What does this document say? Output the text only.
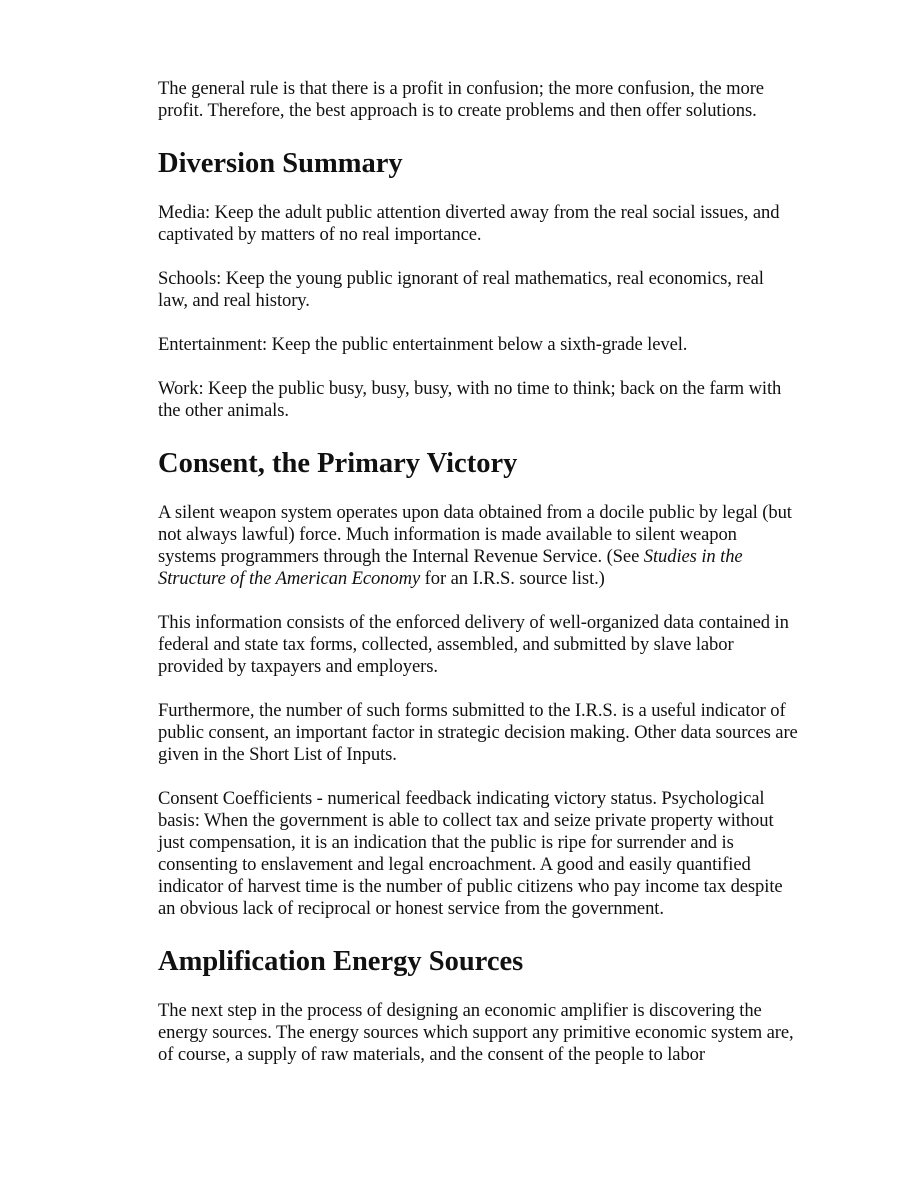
The general rule is that there is a profit in confusion; the more confusion, the more profit. Therefore, the best approach is to create problems and then offer solutions.

Diversion Summary

Media: Keep the adult public attention diverted away from the real social issues, and captivated by matters of no real importance.

Schools: Keep the young public ignorant of real mathematics, real economics, real law, and real history.

Entertainment: Keep the public entertainment below a sixth-grade level.

Work: Keep the public busy, busy, busy, with no time to think; back on the farm with the other animals.

Consent, the Primary Victory

A silent weapon system operates upon data obtained from a docile public by legal (but not always lawful) force. Much information is made available to silent weapon systems programmers through the Internal Revenue Service. (See Studies in the Structure of the American Economy for an I.R.S. source list.)

This information consists of the enforced delivery of well-organized data contained in federal and state tax forms, collected, assembled, and submitted by slave labor provided by taxpayers and employers.

Furthermore, the number of such forms submitted to the I.R.S. is a useful indicator of public consent, an important factor in strategic decision making. Other data sources are given in the Short List of Inputs.

Consent Coefficients - numerical feedback indicating victory status. Psychological basis: When the government is able to collect tax and seize private property without just compensation, it is an indication that the public is ripe for surrender and is consenting to enslavement and legal encroachment. A good and easily quantified indicator of harvest time is the number of public citizens who pay income tax despite an obvious lack of reciprocal or honest service from the government.

Amplification Energy Sources

The next step in the process of designing an economic amplifier is discovering the energy sources. The energy sources which support any primitive economic system are, of course, a supply of raw materials, and the consent of the people to labor
